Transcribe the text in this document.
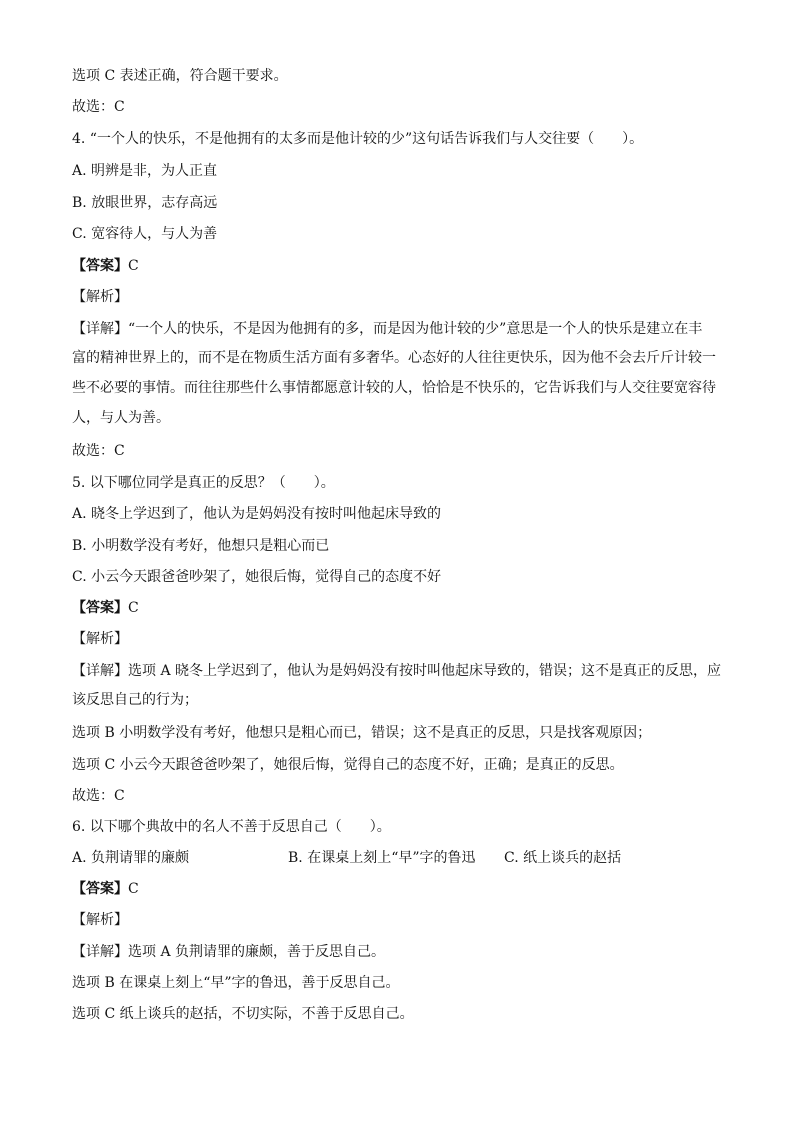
选项 C 表述正确，符合题干要求。
故选：C
4. “一个人的快乐，不是他拥有的太多而是他计较的少”这句话告诉我们与人交往要（　　）。
A. 明辨是非，为人正直
B. 放眼世界，志存高远
C. 宽容待人，与人为善
【答案】C
【解析】
【详解】“一个人的快乐，不是因为他拥有的多，而是因为他计较的少”意思是一个人的快乐是建立在丰
富的精神世界上的，而不是在物质生活方面有多奢华。心态好的人往往更快乐，因为他不会去斤斤计较一
些不必要的事情。而往往那些什么事情都愿意计较的人，恰恰是不快乐的，它告诉我们与人交往要宽容待
人，与人为善。
故选：C
5. 以下哪位同学是真正的反思？（　　）。
A. 晓冬上学迟到了，他认为是妈妈没有按时叫他起床导致的
B. 小明数学没有考好，他想只是粗心而已
C. 小云今天跟爸爸吵架了，她很后悔，觉得自己的态度不好
【答案】C
【解析】
【详解】选项 A 晓冬上学迟到了，他认为是妈妈没有按时叫他起床导致的，错误；这不是真正的反思，应
该反思自己的行为；
选项 B 小明数学没有考好，他想只是粗心而已，错误；这不是真正的反思，只是找客观原因；
选项 C 小云今天跟爸爸吵架了，她很后悔，觉得自己的态度不好，正确；是真正的反思。
故选：C
6. 以下哪个典故中的名人不善于反思自己（　　）。
A. 负荆请罪的廉颇	B. 在课桌上刻上“早”字的鲁迅 C. 纸上谈兵的赵括
【答案】C
【解析】
【详解】选项 A 负荆请罪的廉颇，善于反思自己。
选项 B 在课桌上刻上“早”字的鲁迅，善于反思自己。
选项 C 纸上谈兵的赵括，不切实际，不善于反思自己。
